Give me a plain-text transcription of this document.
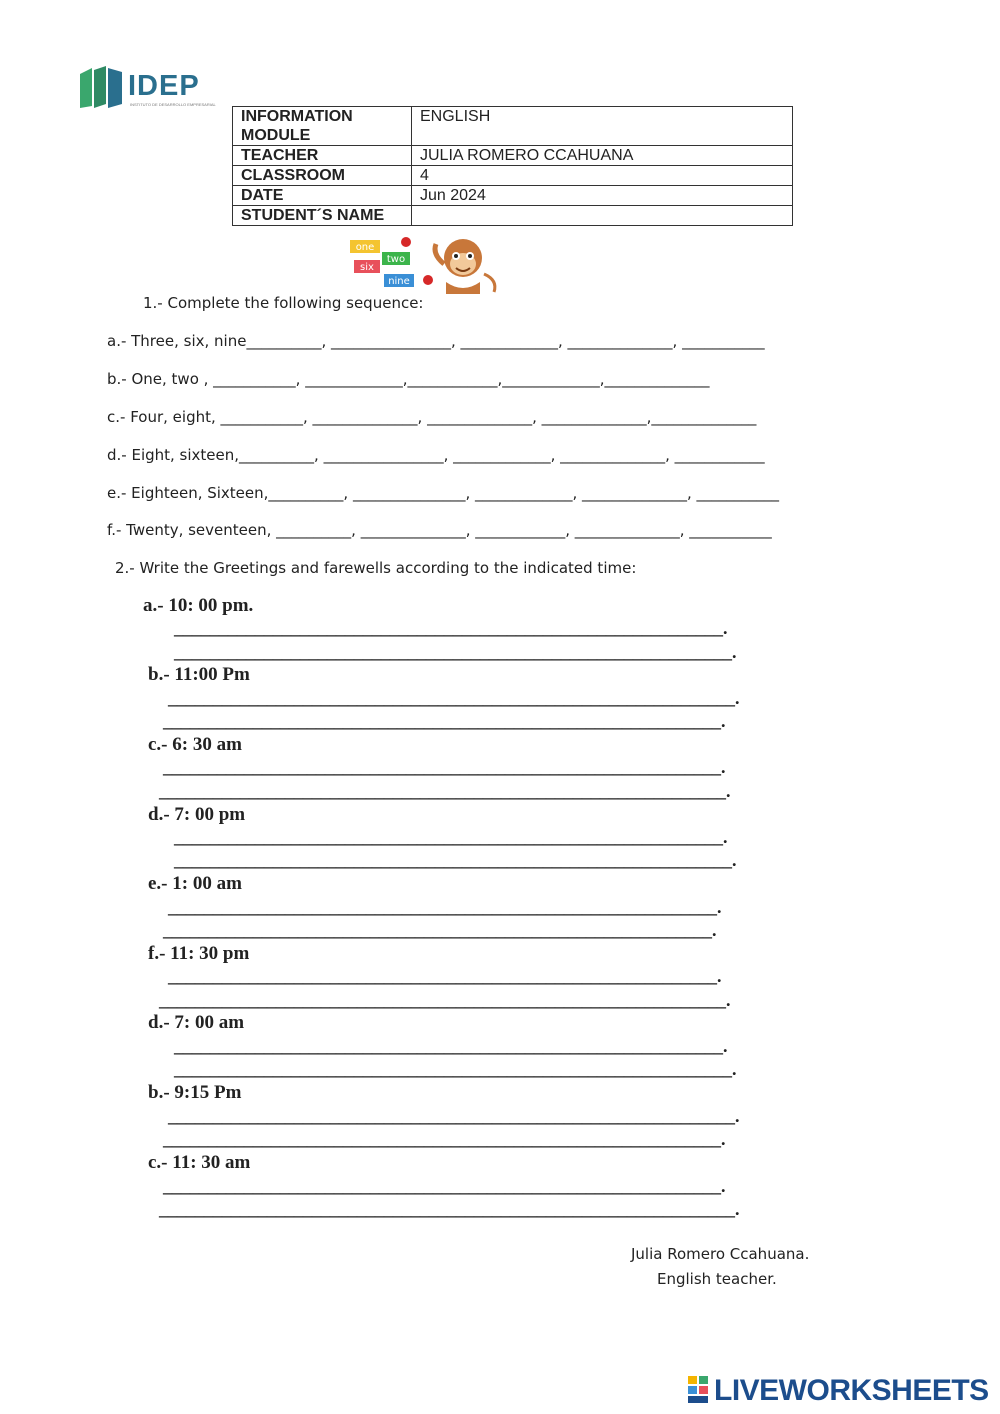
IDEP
INSTITUTO DE DESARROLLO EMPRESARIAL
INFORMATION MODULE	ENGLISH
TEACHER	JULIA ROMERO CCAHUANA
CLASSROOM	4
DATE	Jun 2024
STUDENT´S NAME	
one
six
two
nine
1.- Complete the following sequence:
a.- Three, six, nine__________, ________________, _____________, ______________, ___________
b.- One, two , ___________, _____________,____________,_____________,______________
c.- Four, eight, ___________, ______________, ______________, ______________,______________
d.- Eight, sixteen,__________, ________________, _____________, ______________, ____________
e.- Eighteen, Sixteen,__________, _______________, _____________, ______________, ___________
f.- Twenty, seventeen, __________, ______________, ____________, ______________, ___________
2.- Write the Greetings and farewells according to the indicated time:
a.- 10: 00 pm.
_____________________________________________________________.
______________________________________________________________.
b.- 11:00 Pm
_______________________________________________________________.
______________________________________________________________.
c.- 6: 30 am
______________________________________________________________.
_______________________________________________________________.
d.- 7: 00 pm
_____________________________________________________________.
______________________________________________________________.
e.- 1: 00 am
_____________________________________________________________.
_____________________________________________________________.
f.- 11: 30 pm
_____________________________________________________________.
_______________________________________________________________.
d.- 7: 00 am
_____________________________________________________________.
______________________________________________________________.
b.- 9:15 Pm
_______________________________________________________________.
______________________________________________________________.
c.- 11: 30 am
______________________________________________________________.
________________________________________________________________.
Julia Romero Ccahuana.
English teacher.
LIVEWORKSHEETS
